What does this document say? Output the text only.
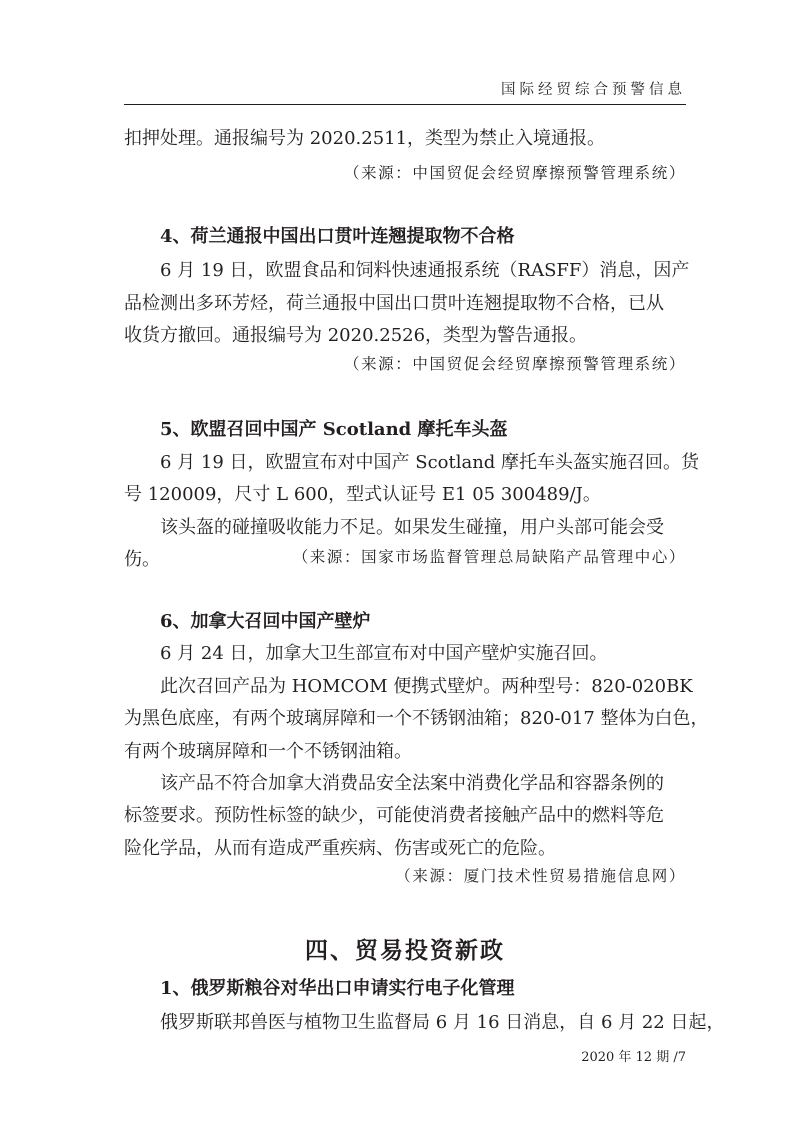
国际经贸综合预警信息
扣押处理。通报编号为 2020.2511，类型为禁止入境通报。
（来源：中国贸促会经贸摩擦预警管理系统）
4、荷兰通报中国出口贯叶连翘提取物不合格
6 月 19 日，欧盟食品和饲料快速通报系统（RASFF）消息，因产
品检测出多环芳烃，荷兰通报中国出口贯叶连翘提取物不合格，已从
收货方撤回。通报编号为 2020.2526，类型为警告通报。
（来源：中国贸促会经贸摩擦预警管理系统）
5、欧盟召回中国产 Scotland 摩托车头盔
6 月 19 日，欧盟宣布对中国产 Scotland 摩托车头盔实施召回。货
号 120009，尺寸 L 600，型式认证号 E1 05 300489/J。
该头盔的碰撞吸收能力不足。如果发生碰撞，用户头部可能会受
伤。	（来源：国家市场监督管理总局缺陷产品管理中心）
6、加拿大召回中国产壁炉
6 月 24 日，加拿大卫生部宣布对中国产壁炉实施召回。
此次召回产品为 HOMCOM 便携式壁炉。两种型号：820-020BK
为黑色底座，有两个玻璃屏障和一个不锈钢油箱；820-017 整体为白色，
有两个玻璃屏障和一个不锈钢油箱。
该产品不符合加拿大消费品安全法案中消费化学品和容器条例的
标签要求。预防性标签的缺少，可能使消费者接触产品中的燃料等危
险化学品，从而有造成严重疾病、伤害或死亡的危险。
（来源：厦门技术性贸易措施信息网）
四、贸易投资新政
1、俄罗斯粮谷对华出口申请实行电子化管理
俄罗斯联邦兽医与植物卫生监督局 6 月 16 日消息，自 6 月 22 日起，
2020 年 12 期 /7
